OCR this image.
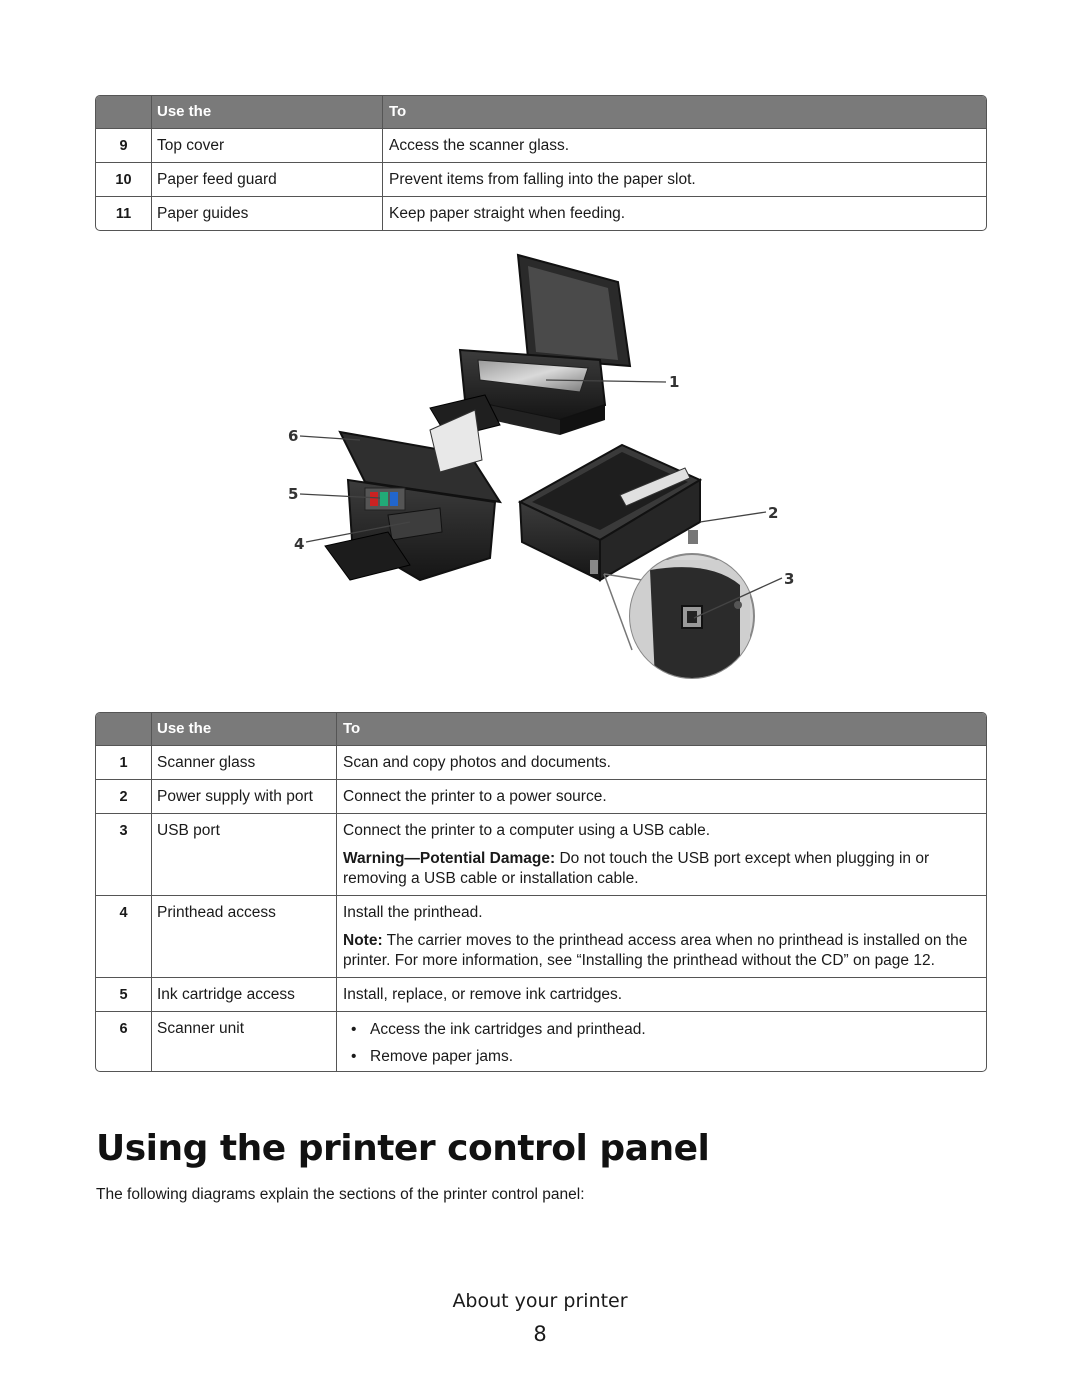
Use the	To
9	Top cover	Access the scanner glass.
10	Paper feed guard	Prevent items from falling into the paper slot.
11	Paper guides	Keep paper straight when feeding.
1
2
3
4
5
6
Use the	To
1	Scanner glass	Scan and copy photos and documents.
2	Power supply with port	Connect the printer to a power source.
3	USB port	Connect the printer to a computer using a USB cable.

Warning—Potential Damage: Do not touch the USB port except when plugging in or removing a USB cable or installation cable.

4	Printhead access	Install the printhead.

Note: The carrier moves to the printhead access area when no printhead is installed on the printer. For more information, see “Installing the printhead without the CD” on page 12.

5	Ink cartridge access	Install, replace, or remove ink cartridges.
6	Scanner unit
•	Access the ink cartridges and printhead.
• Remove paper jams.
Using the printer control panel

The following diagrams explain the sections of the printer control panel:

About your printer
8
